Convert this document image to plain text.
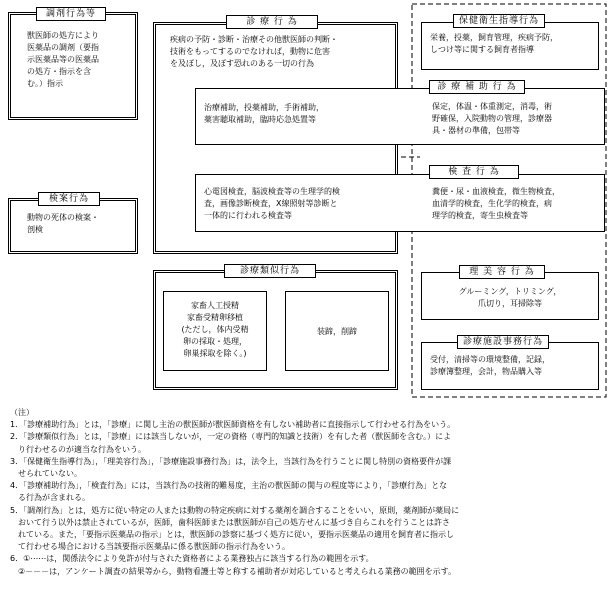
調剤行為等
獣医師の処方により
医薬品の調剤（要指
示医薬品等の医薬品
の処方・指示を含
む。）指示
検案行為
動物の死体の検案・
剖検
診 療 行 為
疾病の予防・診断・治療その他獣医師の判断・
技術をもってするのでなければ，動物に危害
を及ぼし，及ぼす恐れのある一切の行為
治療補助，投薬補助，手術補助，
薬害聴取補助，臨時応急処置等
心電図検査，脳波検査等の生理学的検
査，画像診断検査，X線照射等診断と
一体的に行われる検査等
保健衛生指導行為
栄養，投薬，飼育管理，疾病予防，
しつけ等に関する飼育者指導
診 療 補 助 行 為
保定，体温・体重測定，消毒，術
野確保，入院動物の管理，診療器
具・器材の準備，包帯等
検 査 行 為
糞便・尿・血液検査，微生物検査，
血清学的検査，生化学的検査，病
理学的検査，寄生虫検査等
診療類似行為
家畜人工授精
家畜受精卵移植
(ただし，体内受精
卵の採取・処理，
卵巣採取を除く。)
装蹄，削蹄
理 美 容 行 為
グルーミング，トリミング，
爪切り，耳掃除等
診療施設事務行為
受付，清掃等の環境整備，記録，
診療簿整理，会計，物品購入等
（注）
1．「診療補助行為」とは，「診療」に関し主治の獣医師が獣医師資格を有しない補助者に直接指示して行わせる行為をいう。
2．「診療類似行為」とは，「診療」には該当しないが，一定の資格（専門的知識と技術）を有した者（獣医師を含む。）によ
　り行わせるのが適当な行為をいう。
3．「保健衛生指導行為」，「理美容行為」，「診療施設事務行為」は，法令上，当該行為を行うことに関し特別の資格要件が課
　せられていない。
4．「診療補助行為」，「検査行為」には，当該行為の技術的難易度，主治の獣医師の関与の程度等により，「診療行為」とな
　る行為が含まれる。
5．「調剤行為」とは，処方に従い特定の人または動物の特定疾病に対する薬剤を調合することをいい，原則，薬剤師が薬局に
　おいて行う以外は禁止されているが，医師，歯科医師または獣医師が自己の処方せんに基づき自らこれを行うことは許さ
　れている。また，「要指示医薬品の指示」とは，獣医師の診察に基づく処方に従い，要指示医薬品の適用を飼育者に指示し
　て行わせる場合における当該要指示医薬品に係る獣医師の指示行為をいう。
6．①⋯⋯は，関係法令により免許が付与された資格者による業務独占に該当する行為の範囲を示す。
　②－－－は，アンケート調査の結果等から，動物看護士等と称する補助者が対応していると考えられる業務の範囲を示す。
